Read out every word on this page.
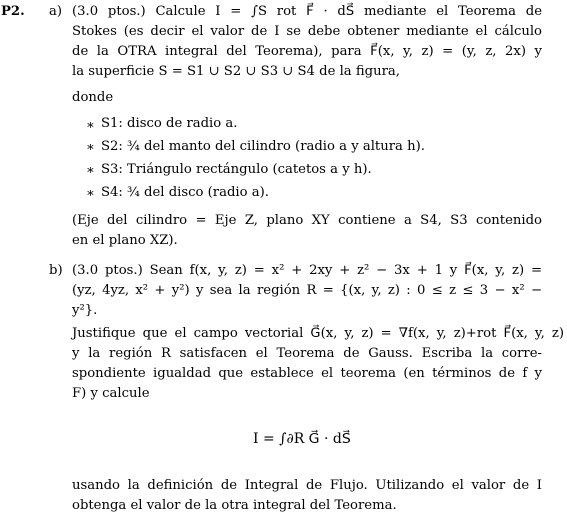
P2. a) (3.0 ptos.) Calcule I = ∫S rot F⃗ · dS⃗ mediante el Teorema de
Stokes (es decir el valor de I se debe obtener mediante el cálculo
de la OTRA integral del Teorema), para F⃗(x, y, z) = (y, z, 2x) y
la superficie S = S1 ∪ S2 ∪ S3 ∪ S4 de la figura,
donde
∗ S1: disco de radio a.
∗ S2: ¾ del manto del cilindro (radio a y altura h).
∗ S3: Triángulo rectángulo (catetos a y h).
∗ S4: ¾ del disco (radio a).
(Eje del cilindro = Eje Z, plano XY contiene a S4, S3 contenido
en el plano XZ).
b) (3.0 ptos.) Sean f(x, y, z) = x² + 2xy + z² − 3x + 1 y F⃗(x, y, z) =
(yz, 4yz, x² + y²) y sea la región R = {(x, y, z) : 0 ≤ z ≤ 3 − x² −
y²}.
Justifique que el campo vectorial G⃗(x, y, z) = ∇f(x, y, z)+rot F⃗(x, y, z)
y la región R satisfacen el Teorema de Gauss. Escriba la corre-
spondiente igualdad que establece el teorema (en términos de f y
F) y calcule
I = ∫∂R G⃗ · dS⃗
usando la definición de Integral de Flujo. Utilizando el valor de I
obtenga el valor de la otra integral del Teorema.
